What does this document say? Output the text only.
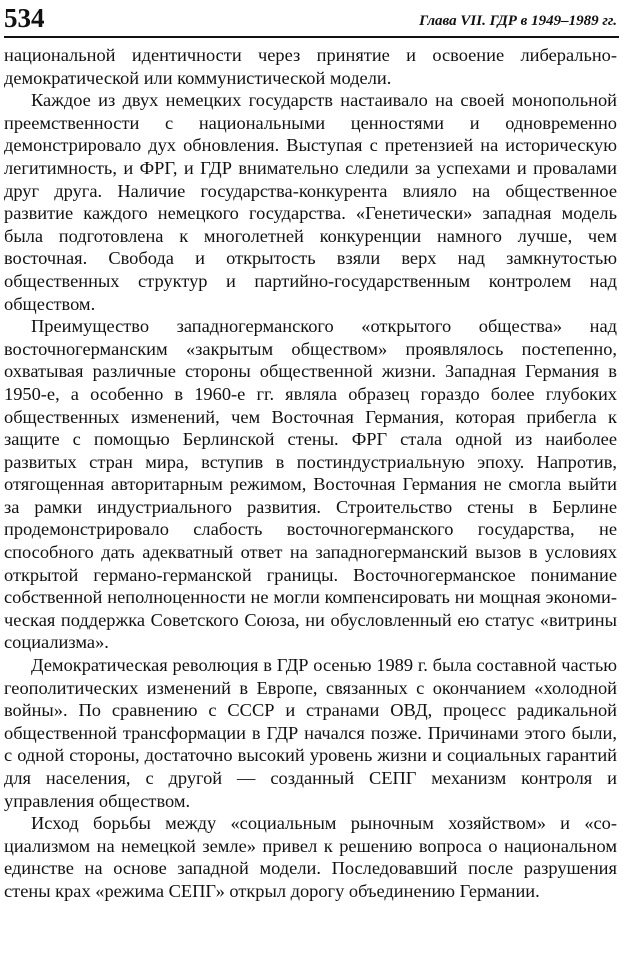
534	Глава VII. ГДР в 1949–1989 гг.

национальной идентичности через принятие и освоение либерально-демократической или коммунистической модели.

Каждое из двух немецких государств настаивало на своей монопольной преемственности с национальными ценностями и одновременно демонстрировало дух обновления. Выступая с претензией на историческую легитимность, и ФРГ, и ГДР внимательно следили за успехами и провалами друг друга. Наличие государства-конкурента влияло на общественное развитие каждого немецкого государства. «Генетически» западная модель была подготовлена к многолетней конкуренции намного лучше, чем восточная. Свобода и открытость взяли верх над замкнутостью общественных структур и партийно-государственным контролем над обществом.

Преимущество западногерманского «открытого общества» над восточногерманским «закрытым обществом» проявлялось постепенно, охватывая различные стороны общественной жизни. Западная Германия в 1950-е, а особенно в 1960-е гг. являла образец гораздо более глубоких общественных изменений, чем Восточная Германия, которая прибегла к защите с помощью Берлинской стены. ФРГ стала одной из наиболее развитых стран мира, вступив в постиндустриальную эпоху. Напротив, отягощенная авторитарным режимом, Восточная Германия не смогла выйти за рамки индустриального развития. Строительство стены в Берлине продемонстрировало слабость восточногерманского государства, не способного дать адекватный ответ на западногерманский вызов в условиях открытой германо-германской границы. Восточногерманское понимание собственной неполноценности не могли компенсировать ни мощная экономическая поддержка Советского Союза, ни обусловленный ею статус «витрины социализма».

Демократическая революция в ГДР осенью 1989 г. была составной частью геополитических изменений в Европе, связанных с окончанием «холодной войны». По сравнению с СССР и странами ОВД, процесс радикальной общественной трансформации в ГДР начался позже. Причинами этого были, с одной стороны, достаточно высокий уровень жизни и социальных гарантий для населения, с другой — созданный СЕПГ механизм контроля и управления обществом.

Исход борьбы между «социальным рыночным хозяйством» и «социализмом на немецкой земле» привел к решению вопроса о национальном единстве на основе западной модели. Последовавший после разрушения стены крах «режима СЕПГ» открыл дорогу объединению Германии.
